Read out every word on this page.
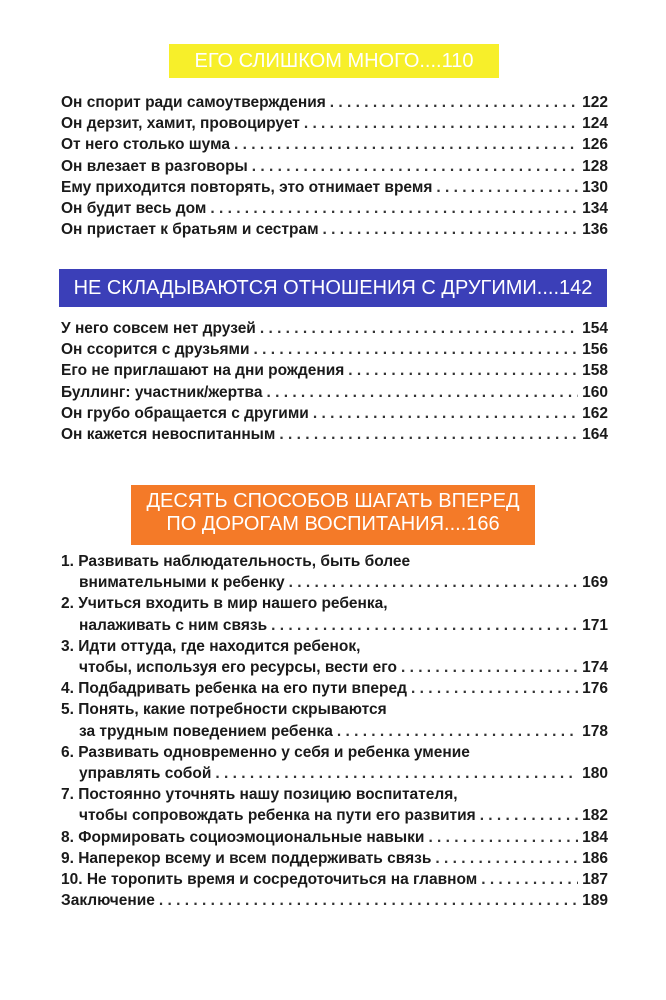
ЕГО СЛИШКОМ МНОГО....110
НЕ СКЛАДЫВАЮТСЯ ОТНОШЕНИЯ С ДРУГИМИ....142
ДЕСЯТЬ СПОСОБОВ ШАГАТЬ ВПЕРЕД
ПО ДОРОГАМ ВОСПИТАНИЯ....166
Он спорит ради самоутверждения . . .	122
Он дерзит, хамит, провоцирует . . .	124
От него столько шума . . .	126
Он влезает в разговоры . . .	128
Ему приходится повторять, это отнимает время . . .	130
Он будит весь дом . . .	134
Он пристает к братьям и сестрам . . .	136
У него совсем нет друзей . . .	154
Он ссорится с друзьями . . .	156
Его не приглашают на дни рождения . . .	158
Буллинг: участник/жертва . . .	160
Он грубо обращается с другими . . .	162
Он кажется невоспитанным . . .	164
1. Развивать наблюдательность, быть более
внимательными к ребенку . . .	169
2. Учиться входить в мир нашего ребенка,
налаживать с ним связь . . .	171
3. Идти оттуда, где находится ребенок,
чтобы, используя его ресурсы, вести его . . .	174
4. Подбадривать ребенка на его пути вперед . . .	176
5. Понять, какие потребности скрываются
за трудным поведением ребенка . . .	178
6. Развивать одновременно у себя и ребенка умение
управлять собой . . .	180
7. Постоянно уточнять нашу позицию воспитателя,
чтобы сопровождать ребенка на пути его развития . . .	182
8. Формировать социоэмоциональные навыки . . .	184
9. Наперекор всему и всем поддерживать связь . . .	186
10. Не торопить время и сосредоточиться на главном . . .	187
Заключение . . .	189
